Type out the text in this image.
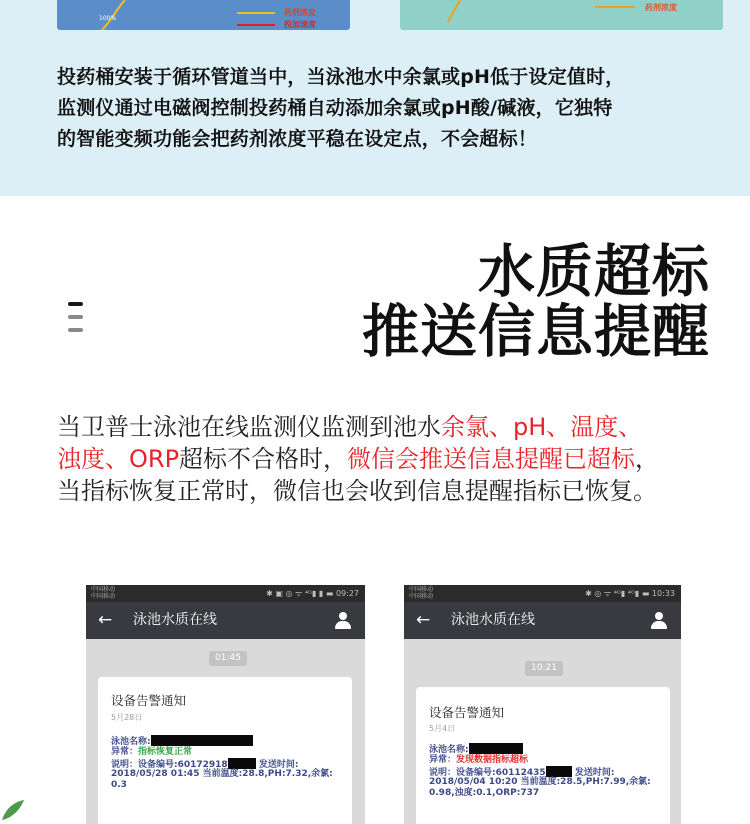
100%
药剂浓度
投加速度
药剂浓度
投药桶安装于循环管道当中，当泳池水中余氯或pH低于设定值时，
监测仪通过电磁阀控制投药桶自动添加余氯或pH酸/碱液，它独特
的智能变频功能会把药剂浓度平稳在设定点，不会超标！
水质超标
推送信息提醒
当卫普士泳池在线监测仪监测到池水余氯、pH、温度、
浊度、ORP超标不合格时，微信会推送信息提醒已超标，
当指标恢复正常时，微信也会收到信息提醒指标已恢复。
中国移动
中国移动	✱ ▣ ◎ ᯤ ⁴ᴳ▮ ▮ ▬ 09:27
← 泳池水质在线
01:45
设备告警通知
5月28日
泳池名称:
异常：指标恢复正常
说明：设备编号:60172918	发送时间:
2018/05/28 01:45 当前温度:28.8,PH:7.32,余氯:
0.3
中国移动
中国移动	✱ ◎ ᯤ ⁴ᴳ▮ ⁴ᴳ▮ ▬ 10:33
← 泳池水质在线
10:21
设备告警通知
5月4日
泳池名称:
异常：发现数据指标超标
说明：设备编号:60112435	发送时间:
2018/05/04 10:20 当前温度:28.5,PH:7.99,余氯:
0.98,浊度:0.1,ORP:737
